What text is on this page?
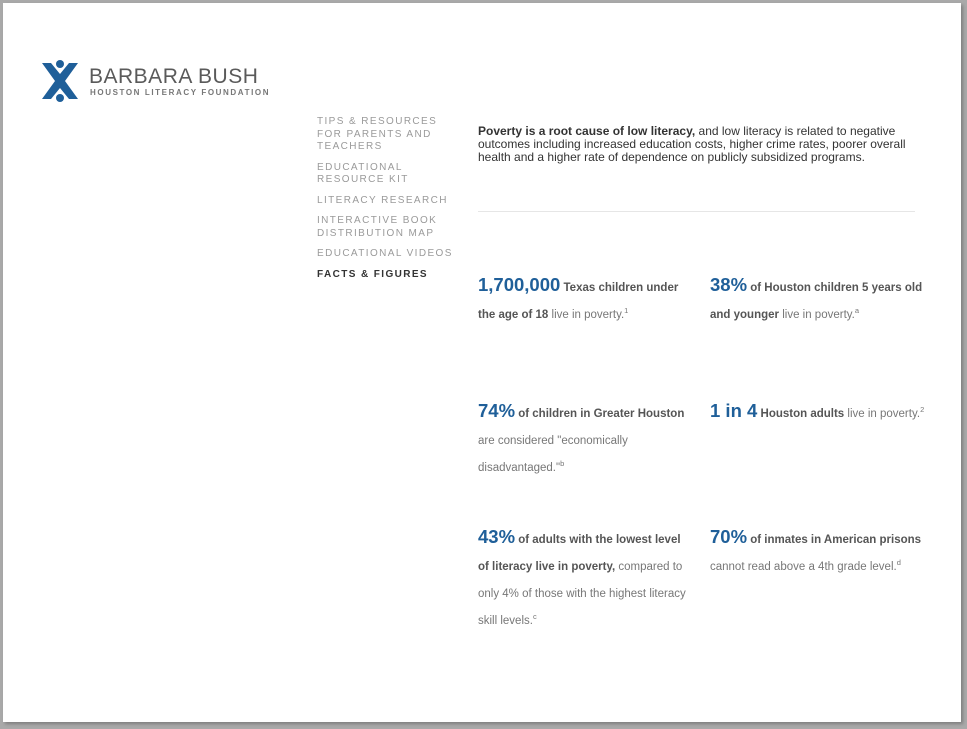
BARBARA BUSH
HOUSTON LITERACY FOUNDATION
TIPS & RESOURCES
FOR PARENTS AND
TEACHERS
EDUCATIONAL
RESOURCE KIT
LITERACY RESEARCH
INTERACTIVE BOOK
DISTRIBUTION MAP
EDUCATIONAL VIDEOS
FACTS & FIGURES
Poverty is a root cause of low literacy, and low literacy is related to negative outcomes including increased education costs, higher crime rates, poorer overall health and a higher rate of dependence on publicly subsidized programs.
1,700,000 Texas children under the age of 18 live in poverty.$^1$
38% of Houston children 5 years old and younger live in poverty.$^a$
74% of children in Greater Houston are considered "economically disadvantaged."$^b$
1 in 4 Houston adults live in poverty.$^2$
43% of adults with the lowest level of literacy live in poverty, compared to only 4% of those with the highest literacy skill levels.$^c$
70% of inmates in American prisons cannot read above a 4th grade level.$^d$
